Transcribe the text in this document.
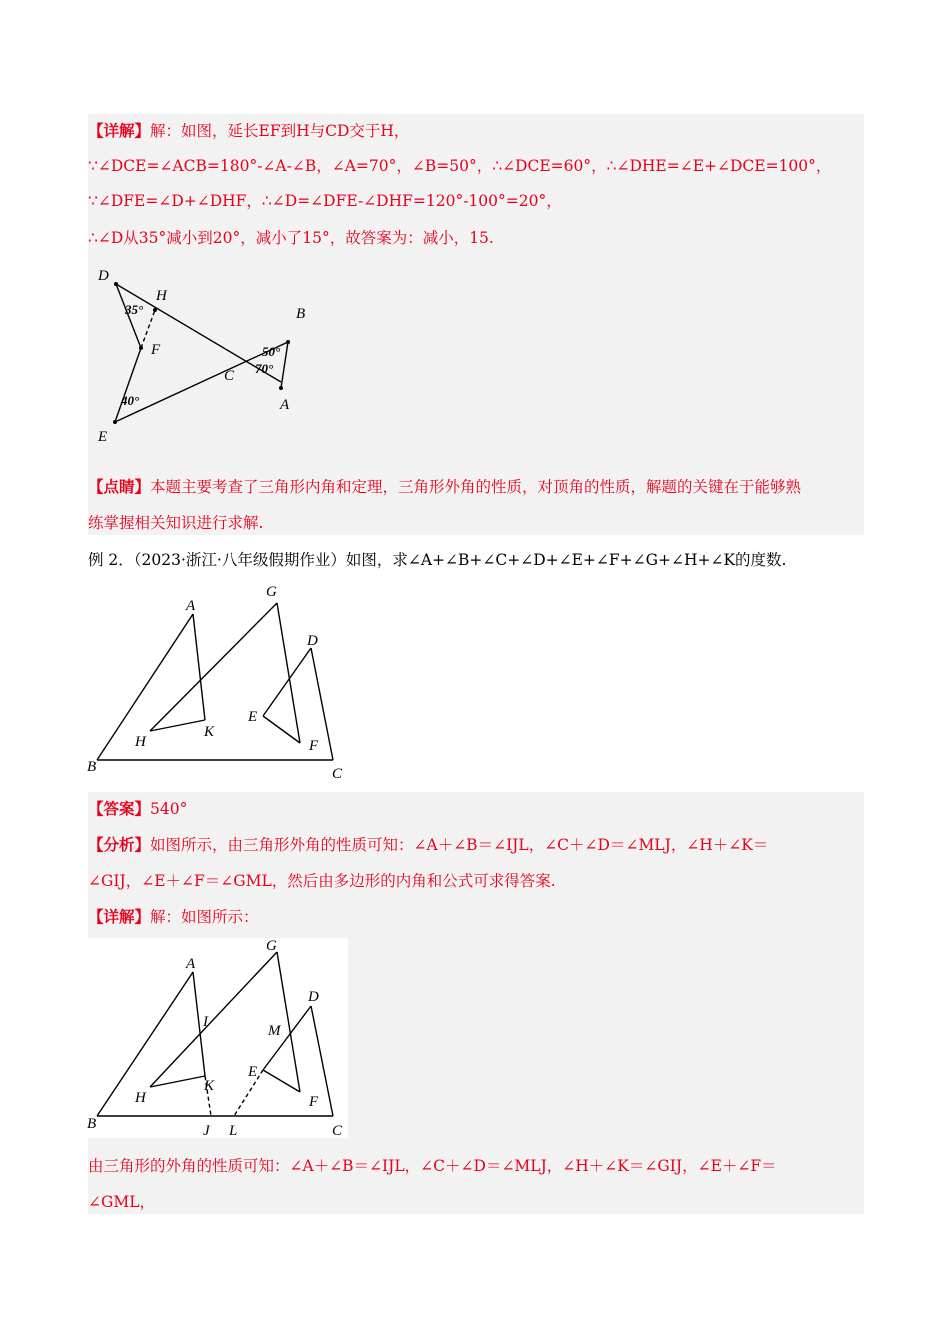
【详解】解：如图，延长EF到H与CD交于H，
∵∠DCE=∠ACB=180°-∠A-∠B，∠A=70°，∠B=50°，∴∠DCE=60°，∴∠DHE=∠E+∠DCE=100°，
∵∠DFE=∠D+∠DHF，∴∠D=∠DFE-∠DHF=120°-100°=20°，
∴∠D从35°减小到20°，减小了15°，故答案为：减小，15.
D
H
35°
F
C
B
50°
70°
A
40°
E
【点睛】本题主要考查了三角形内角和定理，三角形外角的性质，对顶角的性质，解题的关键在于能够熟
练掌握相关知识进行求解.
例 2．（2023·浙江·八年级假期作业）如图，求∠A+∠B+∠C+∠D+∠E+∠F+∠G+∠H+∠K的度数.
A
G
D
E
K
H	F
B	C
【答案】540°
【分析】如图所示，由三角形外角的性质可知：∠A＋∠B＝∠IJL，∠C＋∠D＝∠MLJ，∠H＋∠K＝
∠GIJ，∠E＋∠F＝∠GML，然后由多边形的内角和公式可求得答案.
【详解】解：如图所示：
G
A
D
I
M
E
K
H	F
B	J L	C
由三角形的外角的性质可知：∠A＋∠B＝∠IJL，∠C＋∠D＝∠MLJ，∠H＋∠K＝∠GIJ，∠E＋∠F＝
∠GML，
